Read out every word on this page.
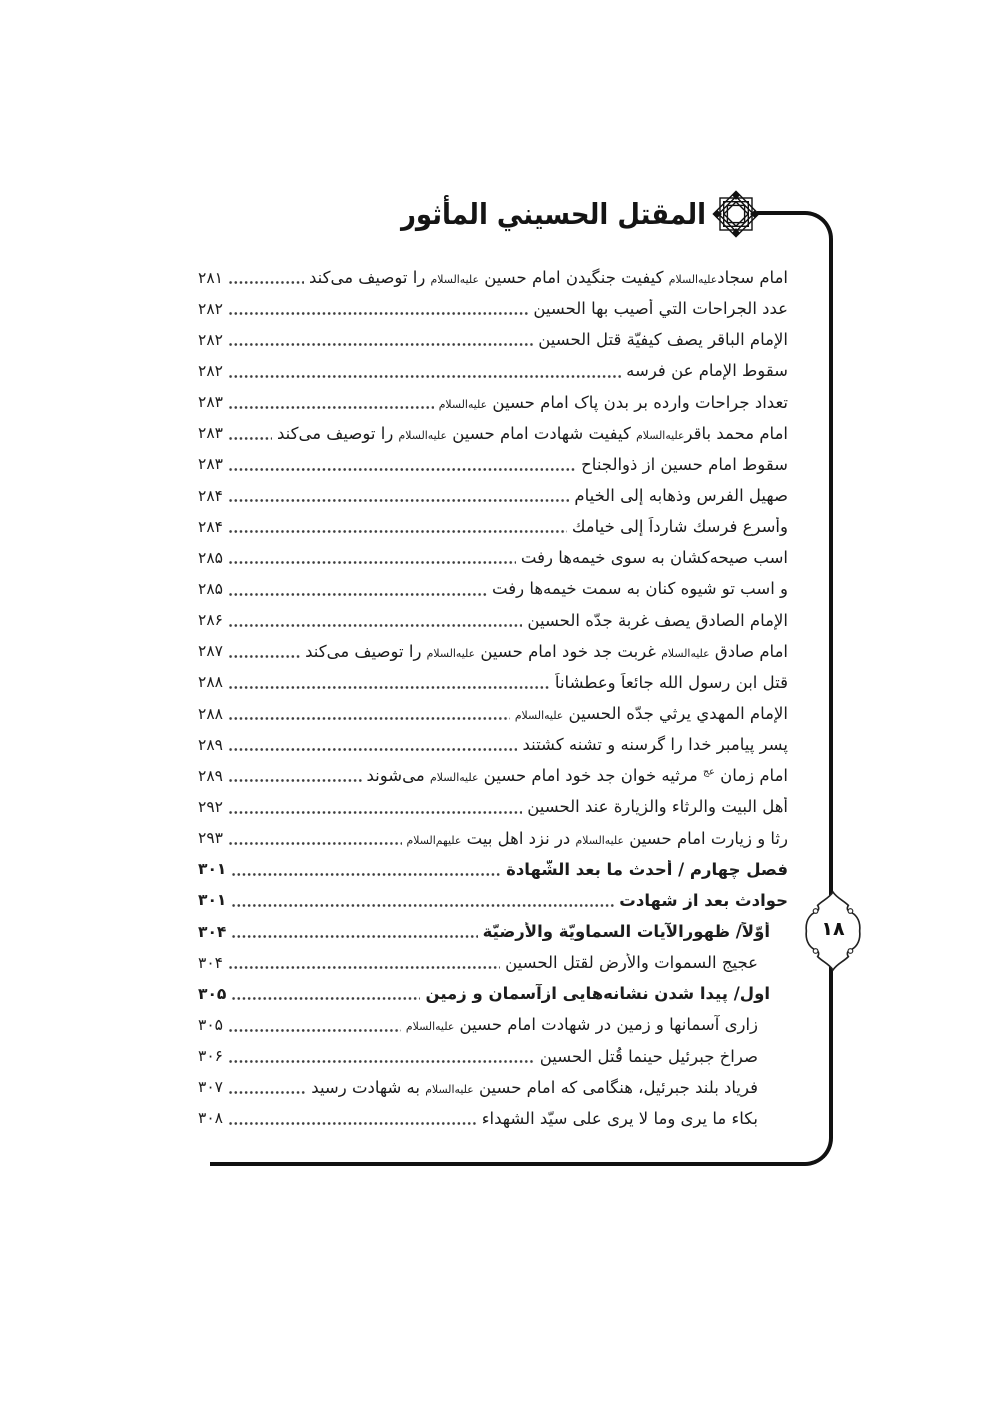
المقتل الحسيني المأثور
۱۸
امام سجادعلیه‌السلام کیفیت جنگیدن امام حسین علیه‌السلام را توصیف می‌کند
۲۸۱
عدد الجراحات التي أُصيب بها الحسين
۲۸۲
الإمام الباقر يصف كيفيّة قتل الحسين
۲۸۲
سقوط الإمام عن فرسه
۲۸۲
تعداد جراحات وارده بر بدن پاک امام حسین علیه‌السلام
۲۸۳
امام محمد باقرعلیه‌السلام کیفیت شهادت امام حسین علیه‌السلام را توصیف می‌کند
۲۸۳
سقوط امام حسین از ذوالجناح
۲۸۳
صهيل الفرس وذهابه إلى الخيام
۲۸۴
وأسرع فرسك شارداً إلى خيامك
۲۸۴
اسب صیحه‌کشان به سوی خیمه‌ها رفت
۲۸۵
و اسب تو شیوه کنان به سمت خیمه‌ها رفت
۲۸۵
الإمام الصادق يصف غربة جدّه الحسين
۲۸۶
امام صادق علیه‌السلام غربت جد خود امام حسین علیه‌السلام را توصیف می‌کند
۲۸۷
قتل ابن رسول الله جائعاً وعطشاناً
۲۸۸
الإمام المهدي يرثي جدّه الحسين علیه‌السلام
۲۸۸
پسر پیامبر خدا را گرسنه و تشنه کشتند
۲۸۹
امام زمان $^{عج}$ مرثیه خوان جد خود امام حسین علیه‌السلام می‌شوند
۲۸۹
أهل البيت والرثاء والزيارة عند الحسين
۲۹۲
رثا و زیارت امام حسین علیه‌السلام در نزد اهل بیت علیهم‌السلام
۲۹۳
فصل چهارم / أحدث ما بعد الشَّهادة
۳۰۱
حوادث بعد از شهادت
۳۰۱
أوّلاً/ ظهورالآیات السماویّة والأرضیّة
۳۰۴
عجیج السموات والأرض لقتل الحسین
۳۰۴
اول/ پیدا شدن نشانه‌هایی ازآسمان و زمین
۳۰۵
زاری آسمانها و زمین در شهادت امام حسین علیه‌السلام
۳۰۵
صراخ جبرئیل حینما قُتل الحسین
۳۰۶
فریاد بلند جبرئیل، هنگامی که امام حسین علیه‌السلام به شهادت رسید
۳۰۷
بکاء ما یری وما لا یری علی سیّد الشهداء
۳۰۸
